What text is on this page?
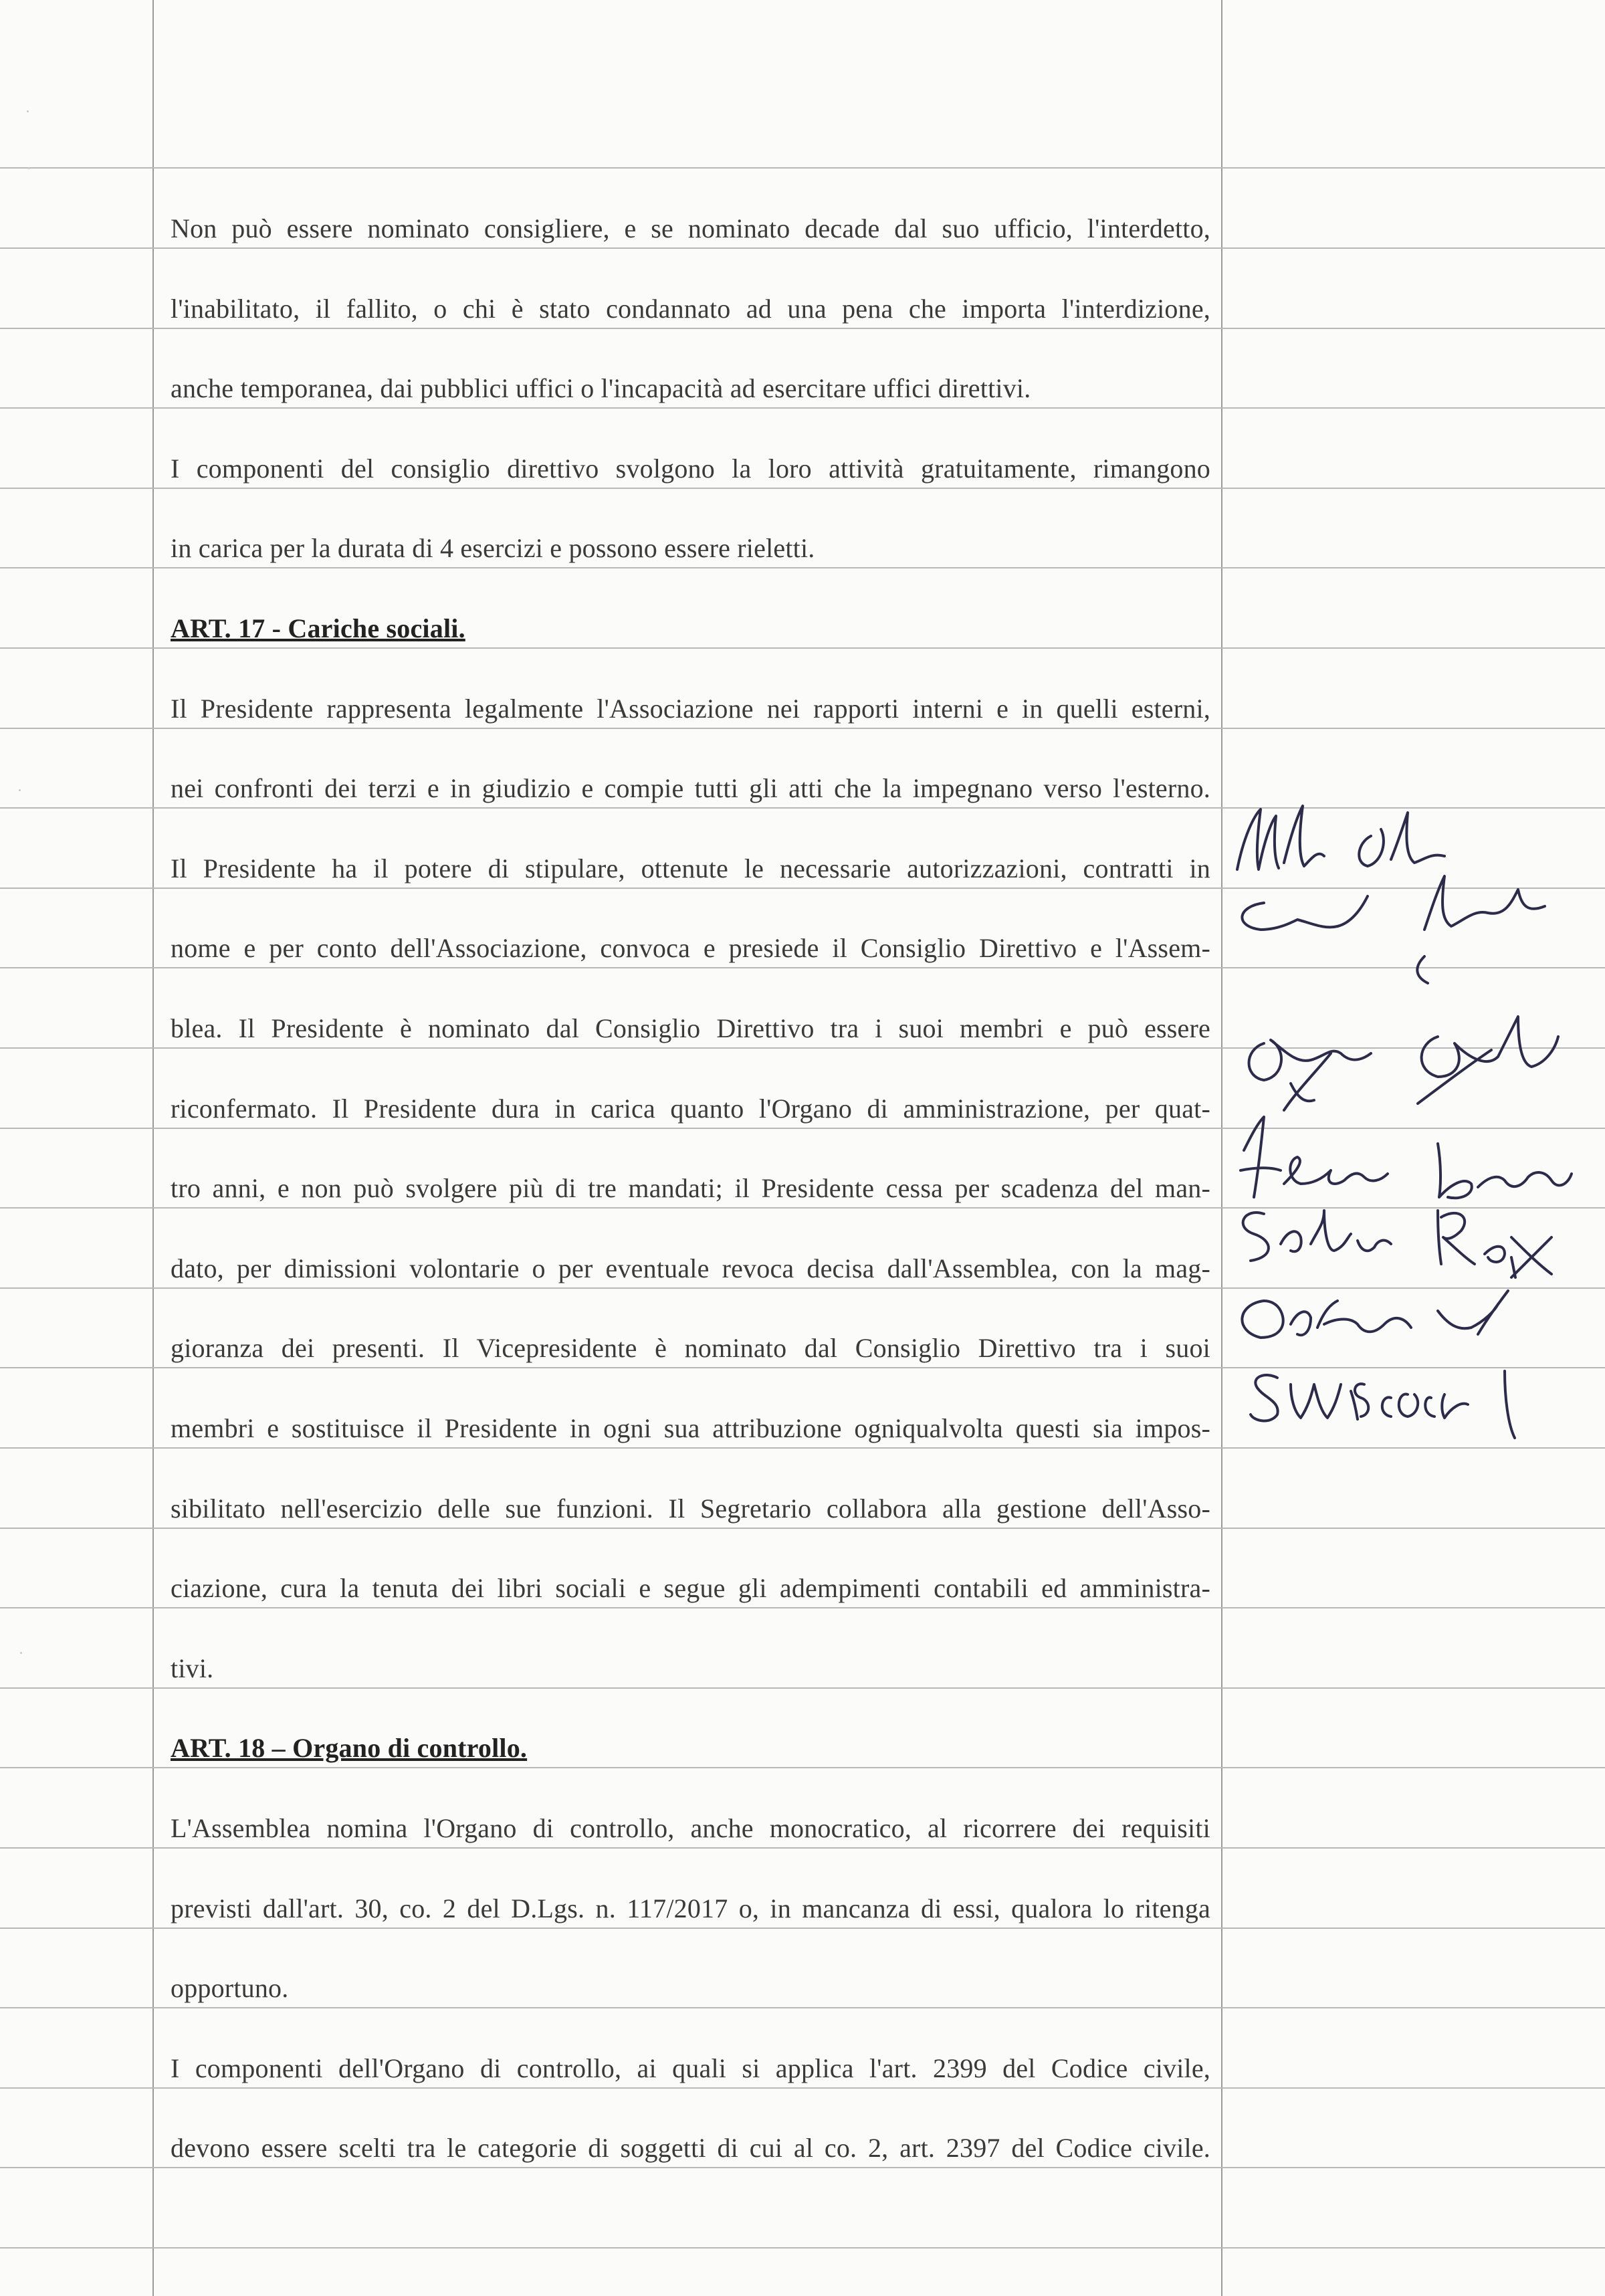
Non può essere nominato consigliere, e se nominato decade dal suo ufficio, l'interdetto,
l'inabilitato, il fallito, o chi è stato condannato ad una pena che importa l'interdizione,
anche temporanea, dai pubblici uffici o l'incapacità ad esercitare uffici direttivi.
I componenti del consiglio direttivo svolgono la loro attività gratuitamente, rimangono
in carica per la durata di 4 esercizi e possono essere rieletti.
ART. 17 - Cariche sociali.
Il Presidente rappresenta legalmente l'Associazione nei rapporti interni e in quelli esterni,
nei confronti dei terzi e in giudizio e compie tutti gli atti che la impegnano verso l'esterno.
Il Presidente ha il potere di stipulare, ottenute le necessarie autorizzazioni, contratti in
nome e per conto dell'Associazione, convoca e presiede il Consiglio Direttivo e l'Assem-
blea. Il Presidente è nominato dal Consiglio Direttivo tra i suoi membri e può essere
riconfermato. Il Presidente dura in carica quanto l'Organo di amministrazione, per quat-
tro anni, e non può svolgere più di tre mandati; il Presidente cessa per scadenza del man-
dato, per dimissioni volontarie o per eventuale revoca decisa dall'Assemblea, con la mag-
gioranza dei presenti. Il Vicepresidente è nominato dal Consiglio Direttivo tra i suoi
membri e sostituisce il Presidente in ogni sua attribuzione ogniqualvolta questi sia impos-
sibilitato nell'esercizio delle sue funzioni. Il Segretario collabora alla gestione dell'Asso-
ciazione, cura la tenuta dei libri sociali e segue gli adempimenti contabili ed amministra-
tivi.
ART. 18 – Organo di controllo.
L'Assemblea nomina l'Organo di controllo, anche monocratico, al ricorrere dei requisiti
previsti dall'art. 30, co. 2 del D.Lgs. n. 117/2017 o, in mancanza di essi, qualora lo ritenga
opportuno.
I componenti dell'Organo di controllo, ai quali si applica l'art. 2399 del Codice civile,
devono essere scelti tra le categorie di soggetti di cui al co. 2, art. 2397 del Codice civile.
